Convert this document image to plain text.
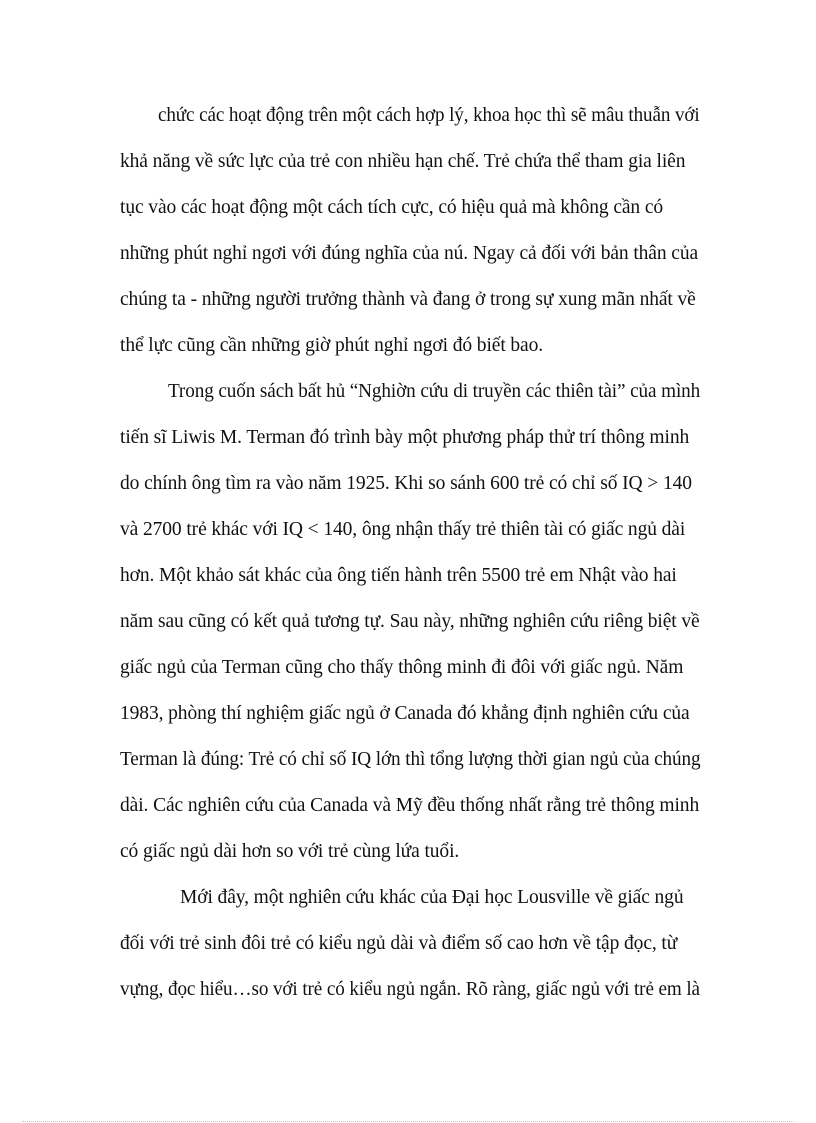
chức các hoạt động trên một cách hợp lý, khoa học thì sẽ mâu thuẫn với
khả năng về sức lực của trẻ con nhiều hạn chế. Trẻ chứa thể tham gia liên
tục vào các hoạt động một cách tích cực, có hiệu quả mà không cần có
những phút nghỉ ngơi với đúng nghĩa của nú. Ngay cả đối với bản thân của
chúng ta - những người trưởng thành và đang ở trong sự xung mãn nhất về
thể lực cũng cần những giờ phút nghỉ ngơi đó biết bao.
Trong cuốn sách bất hủ “Nghiờn cứu di truyền các thiên tài” của mình
tiến sĩ Liwis M. Terman đó trình bày một phương pháp thử trí thông minh
do chính ông tìm ra vào năm 1925. Khi so sánh 600 trẻ có chỉ số IQ > 140
và 2700 trẻ khác với IQ < 140, ông nhận thấy trẻ thiên tài có giấc ngủ dài
hơn. Một khảo sát khác của ông tiến hành trên 5500 trẻ em Nhật vào hai
năm sau cũng có kết quả tương tự. Sau này, những nghiên cứu riêng biệt về
giấc ngủ của Terman cũng cho thấy thông minh đi đôi với giấc ngủ. Năm
1983, phòng thí nghiệm giấc ngủ ở Canada đó khẳng định nghiên cứu của
Terman là đúng: Trẻ có chỉ số IQ lớn thì tổng lượng thời gian ngủ của chúng
dài. Các nghiên cứu của Canada và Mỹ đều thống nhất rằng trẻ thông minh
có giấc ngủ dài hơn so với trẻ cùng lứa tuổi.
Mới đây, một nghiên cứu khác của Đại học Lousville về giấc ngủ
đối với trẻ sinh đôi trẻ có kiểu ngủ dài và điểm số cao hơn về tập đọc, từ
vựng, đọc hiểu…so với trẻ có kiểu ngủ ngắn. Rõ ràng, giấc ngủ với trẻ em là
